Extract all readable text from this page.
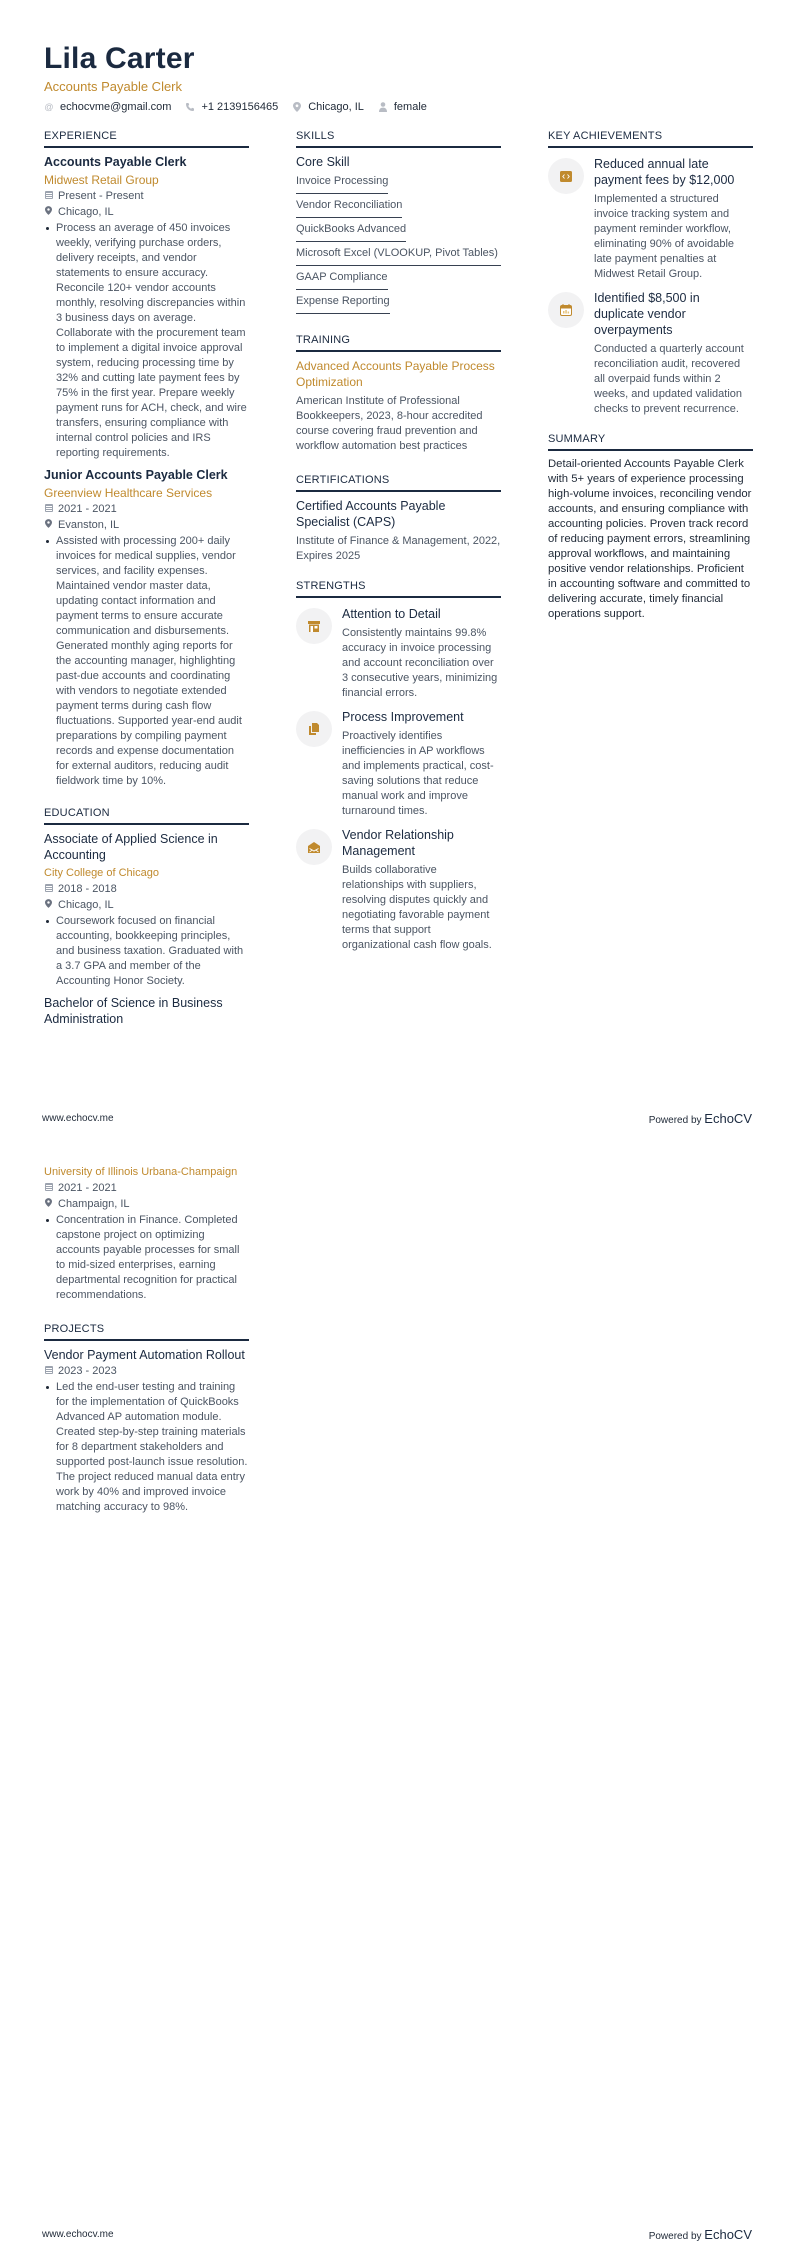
Lila Carter
Accounts Payable Clerk
@ echocvme@gmail.com	+1 2139156465	Chicago, IL	female
EXPERIENCE
Accounts Payable Clerk
Midwest Retail Group
Present - Present
Chicago, IL
Process an average of 450 invoices weekly, verifying purchase orders, delivery receipts, and vendor statements to ensure accuracy. Reconcile 120+ vendor accounts monthly, resolving discrepancies within 3 business days on average. Collaborate with the procurement team to implement a digital invoice approval system, reducing processing time by 32% and cutting late payment fees by 75% in the first year. Prepare weekly payment runs for ACH, check, and wire transfers, ensuring compliance with internal control policies and IRS reporting requirements.
Junior Accounts Payable Clerk
Greenview Healthcare Services
2021 - 2021
Evanston, IL
Assisted with processing 200+ daily invoices for medical supplies, vendor services, and facility expenses. Maintained vendor master data, updating contact information and payment terms to ensure accurate communication and disbursements. Generated monthly aging reports for the accounting manager, highlighting past-due accounts and coordinating with vendors to negotiate extended payment terms during cash flow fluctuations. Supported year-end audit preparations by compiling payment records and expense documentation for external auditors, reducing audit fieldwork time by 10%.
EDUCATION
Associate of Applied Science in Accounting
City College of Chicago
2018 - 2018
Chicago, IL
Coursework focused on financial accounting, bookkeeping principles, and business taxation. Graduated with a 3.7 GPA and member of the Accounting Honor Society.
Bachelor of Science in Business Administration
SKILLS
Core Skill
Invoice Processing
Vendor Reconciliation
QuickBooks Advanced
Microsoft Excel (VLOOKUP, Pivot Tables)
GAAP Compliance
Expense Reporting
TRAINING
Advanced Accounts Payable Process Optimization
American Institute of Professional Bookkeepers, 2023, 8-hour accredited course covering fraud prevention and workflow automation best practices
CERTIFICATIONS
Certified Accounts Payable Specialist (CAPS)
Institute of Finance & Management, 2022, Expires 2025
STRENGTHS
Attention to Detail
Consistently maintains 99.8% accuracy in invoice processing and account reconciliation over 3 consecutive years, minimizing financial errors.
Process Improvement
Proactively identifies inefficiencies in AP workflows and implements practical, cost-saving solutions that reduce manual work and improve turnaround times.
Vendor Relationship Management
Builds collaborative relationships with suppliers, resolving disputes quickly and negotiating favorable payment terms that support organizational cash flow goals.
KEY ACHIEVEMENTS
Reduced annual late payment fees by $12,000
Implemented a structured invoice tracking system and payment reminder workflow, eliminating 90% of avoidable late payment penalties at Midwest Retail Group.
Identified $8,500 in duplicate vendor overpayments
Conducted a quarterly account reconciliation audit, recovered all overpaid funds within 2 weeks, and updated validation checks to prevent recurrence.
SUMMARY
Detail-oriented Accounts Payable Clerk with 5+ years of experience processing high-volume invoices, reconciling vendor accounts, and ensuring compliance with accounting policies. Proven track record of reducing payment errors, streamlining approval workflows, and maintaining positive vendor relationships. Proficient in accounting software and committed to delivering accurate, timely financial operations support.
www.echocv.me	Powered by EchoCV
University of Illinois Urbana-Champaign
2021 - 2021
Champaign, IL
Concentration in Finance. Completed capstone project on optimizing accounts payable processes for small to mid-sized enterprises, earning departmental recognition for practical recommendations.
PROJECTS
Vendor Payment Automation Rollout
2023 - 2023
Led the end-user testing and training for the implementation of QuickBooks Advanced AP automation module. Created step-by-step training materials for 8 department stakeholders and supported post-launch issue resolution. The project reduced manual data entry work by 40% and improved invoice matching accuracy to 98%.
www.echocv.me	Powered by EchoCV
